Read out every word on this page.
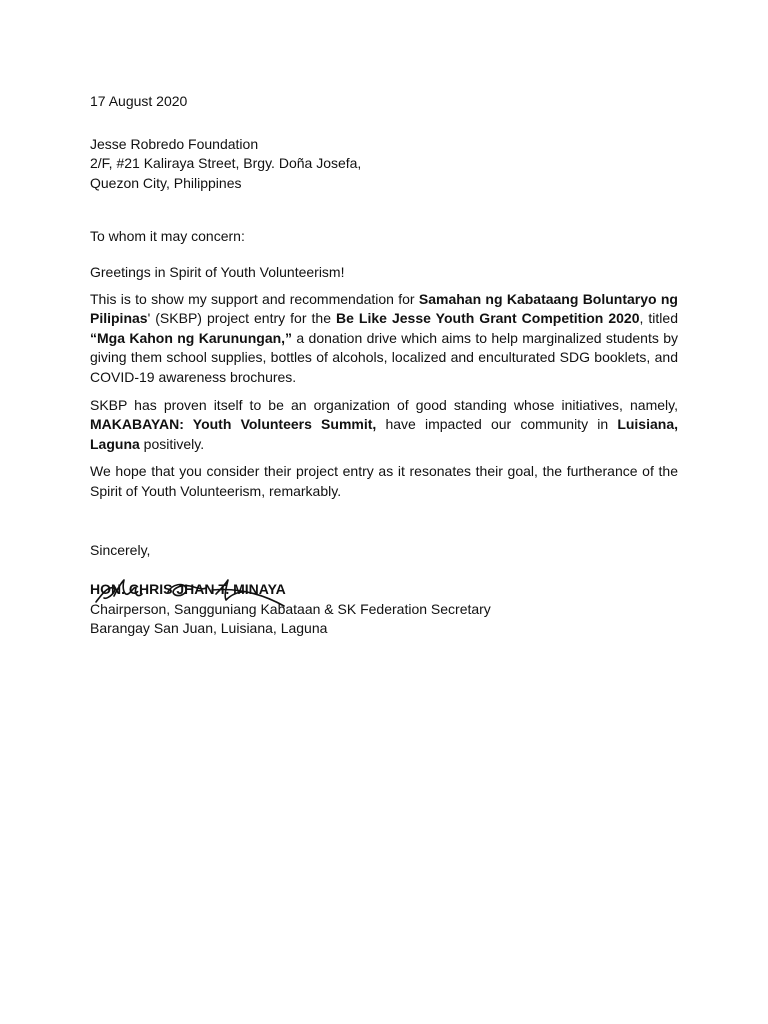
17 August 2020
Jesse Robredo Foundation
2/F, #21 Kaliraya Street, Brgy. Doña Josefa,
Quezon City, Philippines
To whom it may concern:
Greetings in Spirit of Youth Volunteerism!

This is to show my support and recommendation for Samahan ng Kabataang Boluntaryo ng Pilipinas' (SKBP) project entry for the Be Like Jesse Youth Grant Competition 2020, titled “Mga Kahon ng Karunungan,” a donation drive which aims to help marginalized students by giving them school supplies, bottles of alcohols, localized and enculturated SDG booklets, and COVID-19 awareness brochures.

SKBP has proven itself to be an organization of good standing whose initiatives, namely, MAKABAYAN: Youth Volunteers Summit, have impacted our community in Luisiana, Laguna positively.

We hope that you consider their project entry as it resonates their goal, the furtherance of the Spirit of Youth Volunteerism, remarkably.

Sincerely,
HON. CHRIS JHAN T. MINAYA
Chairperson, Sangguniang Kabataan & SK Federation Secretary
Barangay San Juan, Luisiana, Laguna
